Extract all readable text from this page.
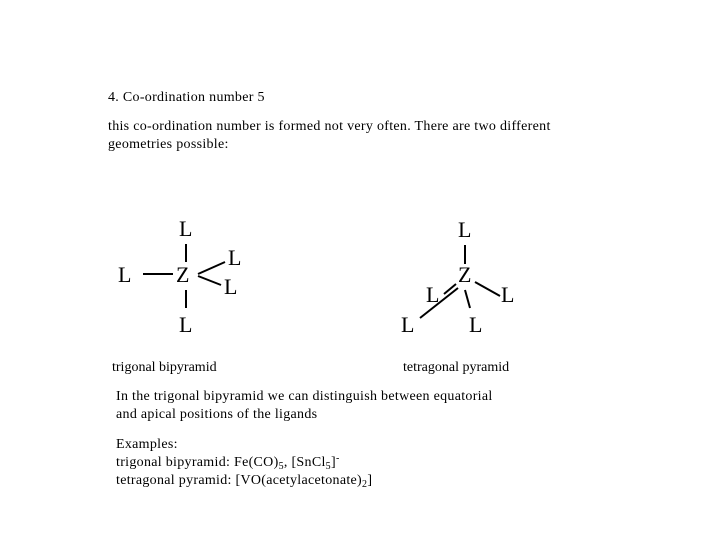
4. Co-ordination number 5
this co-ordination number is formed not very often. There are two different
geometries possible:
L
L Z
L
L
L
trigonal bipyramid
L
Z
L	L
L L
tetragonal pyramid
In the trigonal bipyramid we can distinguish between equatorial
and apical positions of the ligands
Examples:
trigonal bipyramid: $Fe(CO)_5$, [SnCl$_5$]-
tetragonal pyramid: $[VO(acetylacetonate)_2]$
